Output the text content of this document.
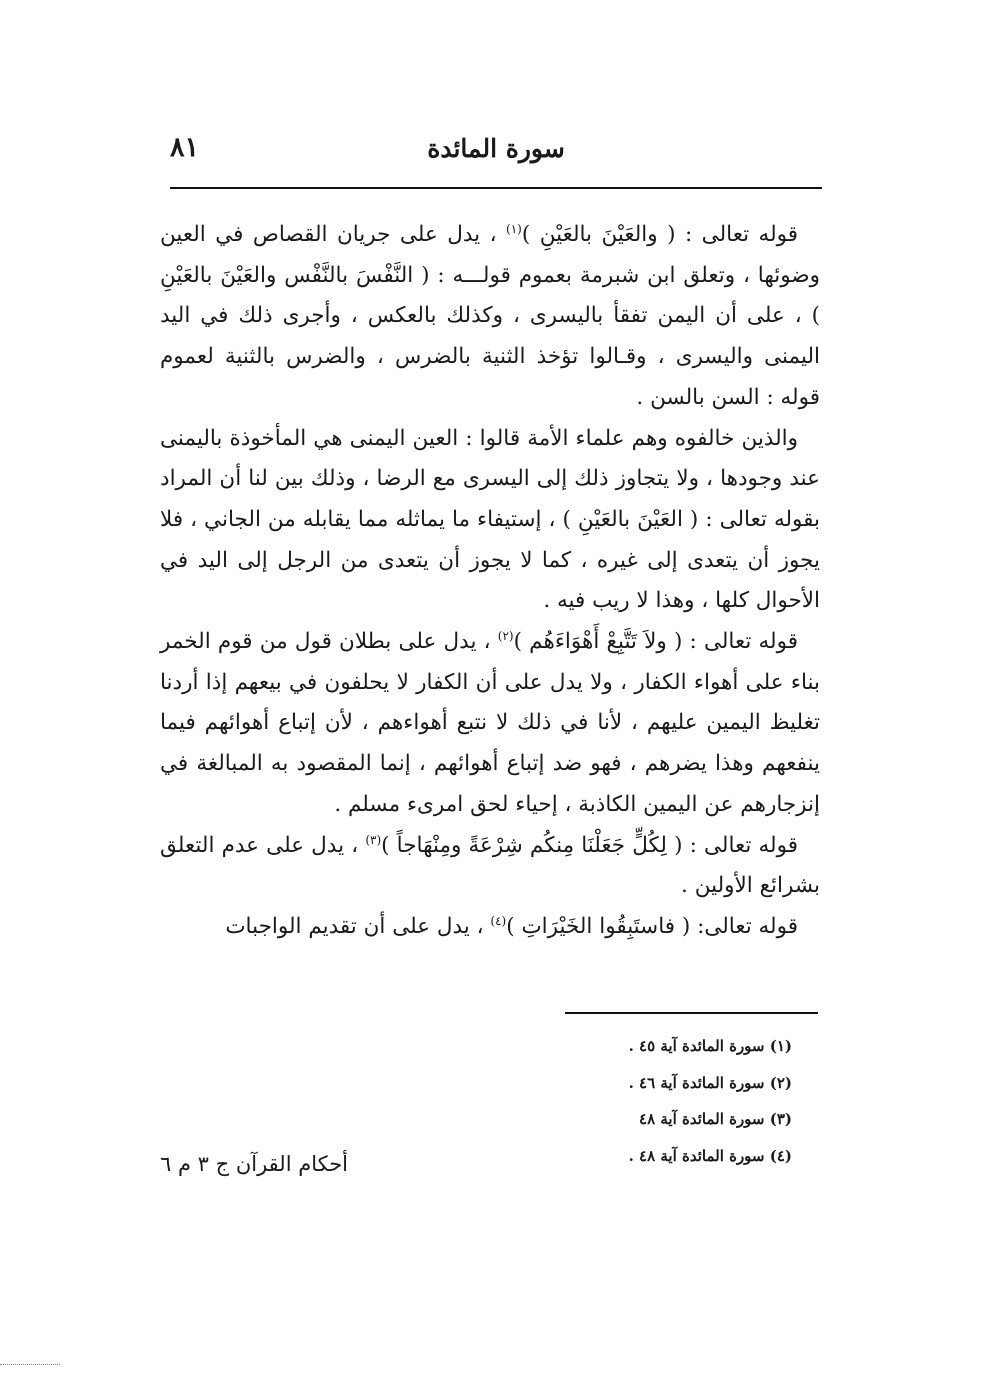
٨١	سورة المائدة

قوله تعالى : ( والعَيْنَ بالعَيْنِ )$^{(١)}$ ، يدل على جريان القصاص في العين وضوئها ، وتعلق ابن شبرمة بعموم قولـــه : ( النَّفْسَ بالنَّفْس والعَيْنَ بالعَيْنِ ) ، على أن اليمن تفقأ باليسرى ، وكذلك بالعكس ، وأجرى ذلك في اليد اليمنى واليسرى ، وقـالوا تؤخذ الثنية بالضرس ، والضرس بالثنية لعموم قوله : السن بالسن .

والذين خالفوه وهم علماء الأمة قالوا : العين اليمنى هي المأخوذة باليمنى عند وجودها ، ولا يتجاوز ذلك إلى اليسرى مع الرضا ، وذلك بين لنا أن المراد بقوله تعالى : ( العَيْنَ بالعَيْنِ ) ، إستيفاء ما يماثله مما يقابله من الجاني ، فلا يجوز أن يتعدى إلى غيره ، كما لا يجوز أن يتعدى من الرجل إلى اليد في الأحوال كلها ، وهذا لا ريب فيه .

قوله تعالى : ( ولاَ تَتَّبِعْ أَهْوَاءَهُم )$^{(٢)}$ ، يدل على بطلان قول من قوم الخمر بناء على أهواء الكفار ، ولا يدل على أن الكفار لا يحلفون في بيعهم إذا أردنا تغليظ اليمين عليهم ، لأنا في ذلك لا نتبع أهواءهم ، لأن إتباع أهوائهم فيما ينفعهم وهذا يضرهم ، فهو ضد إتباع أهوائهم ، إنما المقصود به المبالغة في إنزجارهم عن اليمين الكاذبة ، إحياء لحق امرىء مسلم .

قوله تعالى : ( لِكُلٍّ جَعَلْنَا مِنكُم شِرْعَةً ومِنْهَاجاً )$^{(٣)}$ ، يدل على عدم التعلق بشرائع الأولين .

قوله تعالى: ( فاستَبِقُوا الخَيْرَاتِ )$^{(٤)}$ ، يدل على أن تقديم الواجبات

(١) سورة المائدة آية ٤٥ .
(٢) سورة المائدة آية ٤٦ .
(٣) سورة المائدة آية ٤٨
(٤) سورة المائدة آية ٤٨ .
أحكام القرآن ج ٣ م ٦
